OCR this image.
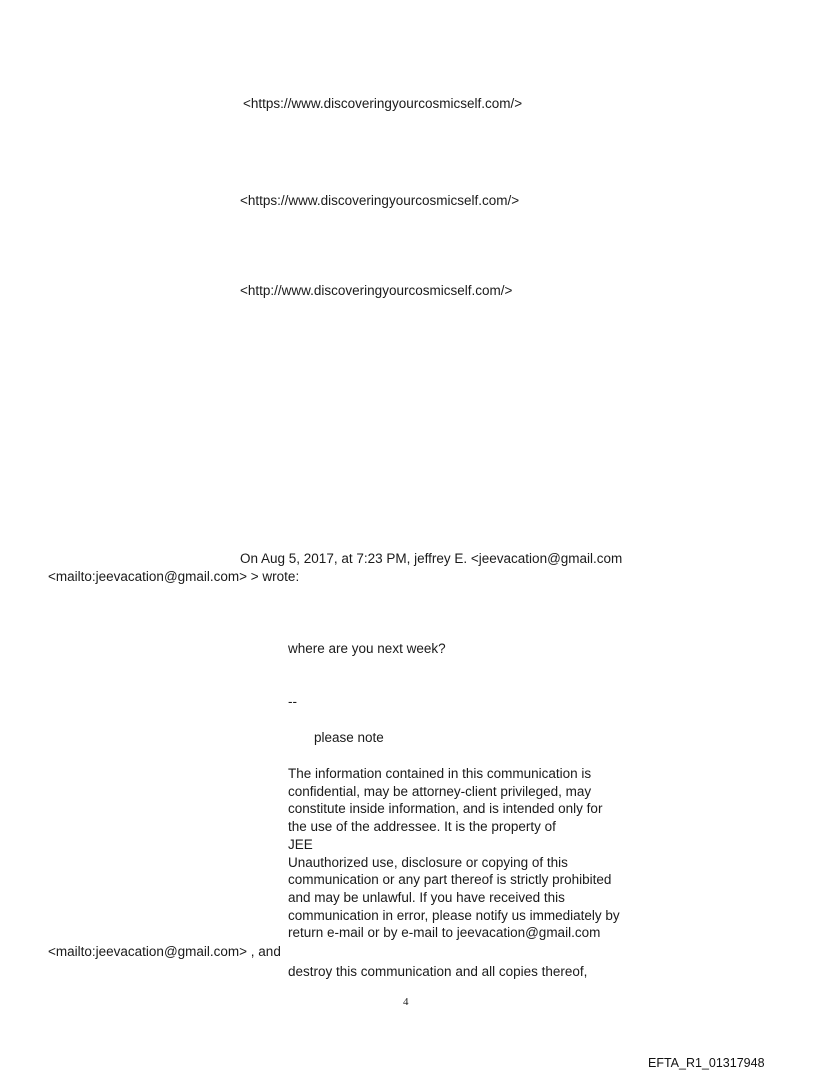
<https://www.discoveringyourcosmicself.com/>
<https://www.discoveringyourcosmicself.com/>
<http://www.discoveringyourcosmicself.com/>
On Aug 5, 2017, at 7:23 PM, jeffrey E. <jeevacation@gmail.com
<mailto:jeevacation@gmail.com> > wrote:
where are you next week?
--
please note
The information contained in this communication is
confidential, may be attorney-client privileged, may
constitute inside information, and is intended only for
the use of the addressee. It is the property of
JEE
Unauthorized use, disclosure or copying of this
communication or any part thereof is strictly prohibited
and may be unlawful. If you have received this
communication in error, please notify us immediately by
return e-mail or by e-mail to jeevacation@gmail.com
<mailto:jeevacation@gmail.com> , and
destroy this communication and all copies thereof,
4
EFTA_R1_01317948
